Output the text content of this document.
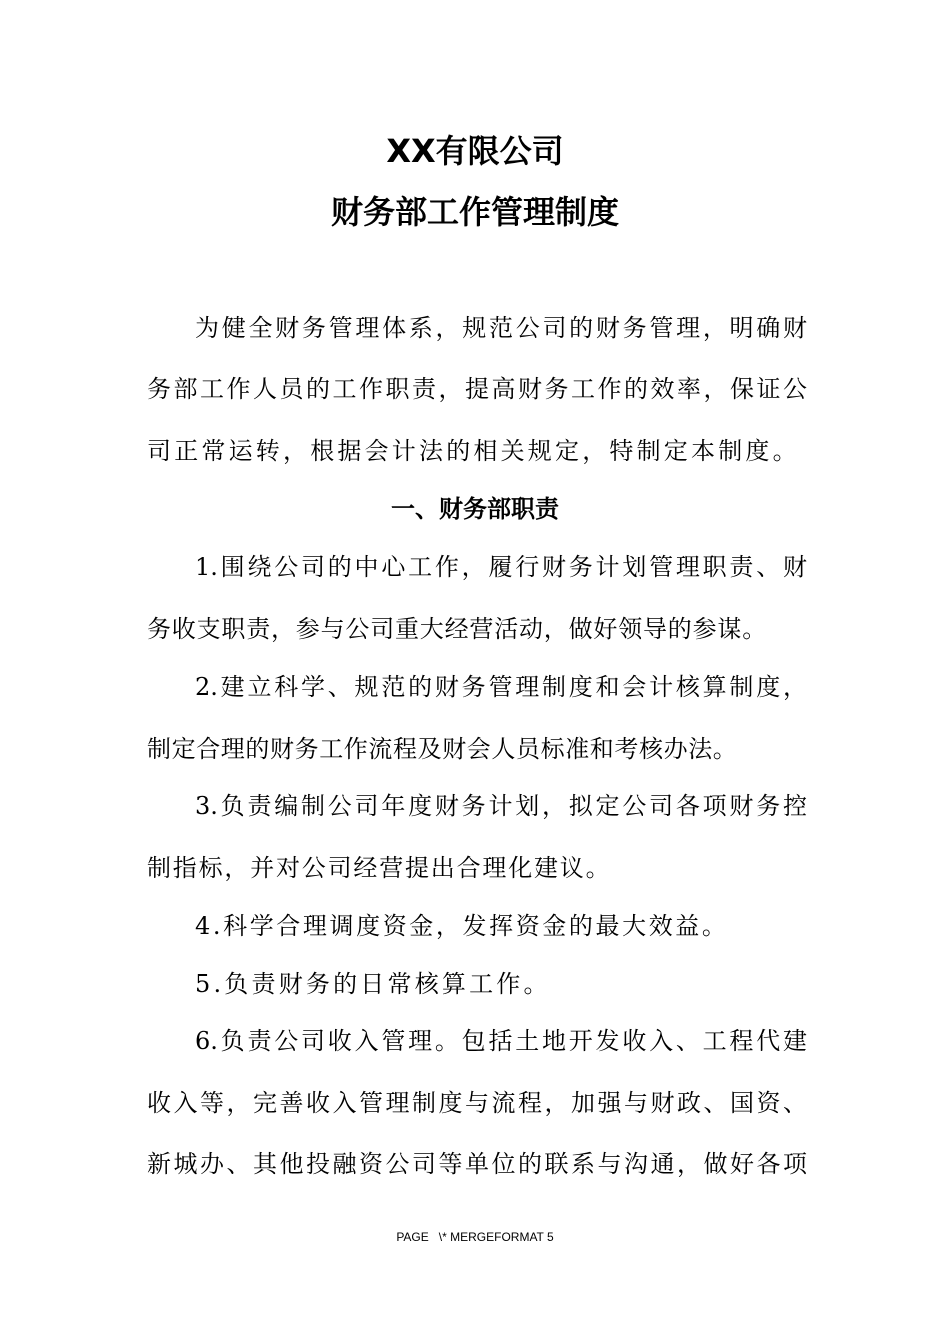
XX有限公司
财务部工作管理制度
为健全财务管理体系，规范公司的财务管理，明确财
务部工作人员的工作职责，提高财务工作的效率，保证公
司正常运转，根据会计法的相关规定，特制定本制度。
一、财务部职责
1.围绕公司的中心工作，履行财务计划管理职责、财
务收支职责，参与公司重大经营活动，做好领导的参谋。
2.建立科学、规范的财务管理制度和会计核算制度，
制定合理的财务工作流程及财会人员标准和考核办法。
3.负责编制公司年度财务计划，拟定公司各项财务控
制指标，并对公司经营提出合理化建议。
4.科学合理调度资金，发挥资金的最大效益。
5.负责财务的日常核算工作。
6.负责公司收入管理。包括土地开发收入、工程代建
收入等，完善收入管理制度与流程，加强与财政、国资、
新城办、其他投融资公司等单位的联系与沟通，做好各项
PAGE   \* MERGEFORMAT 5
